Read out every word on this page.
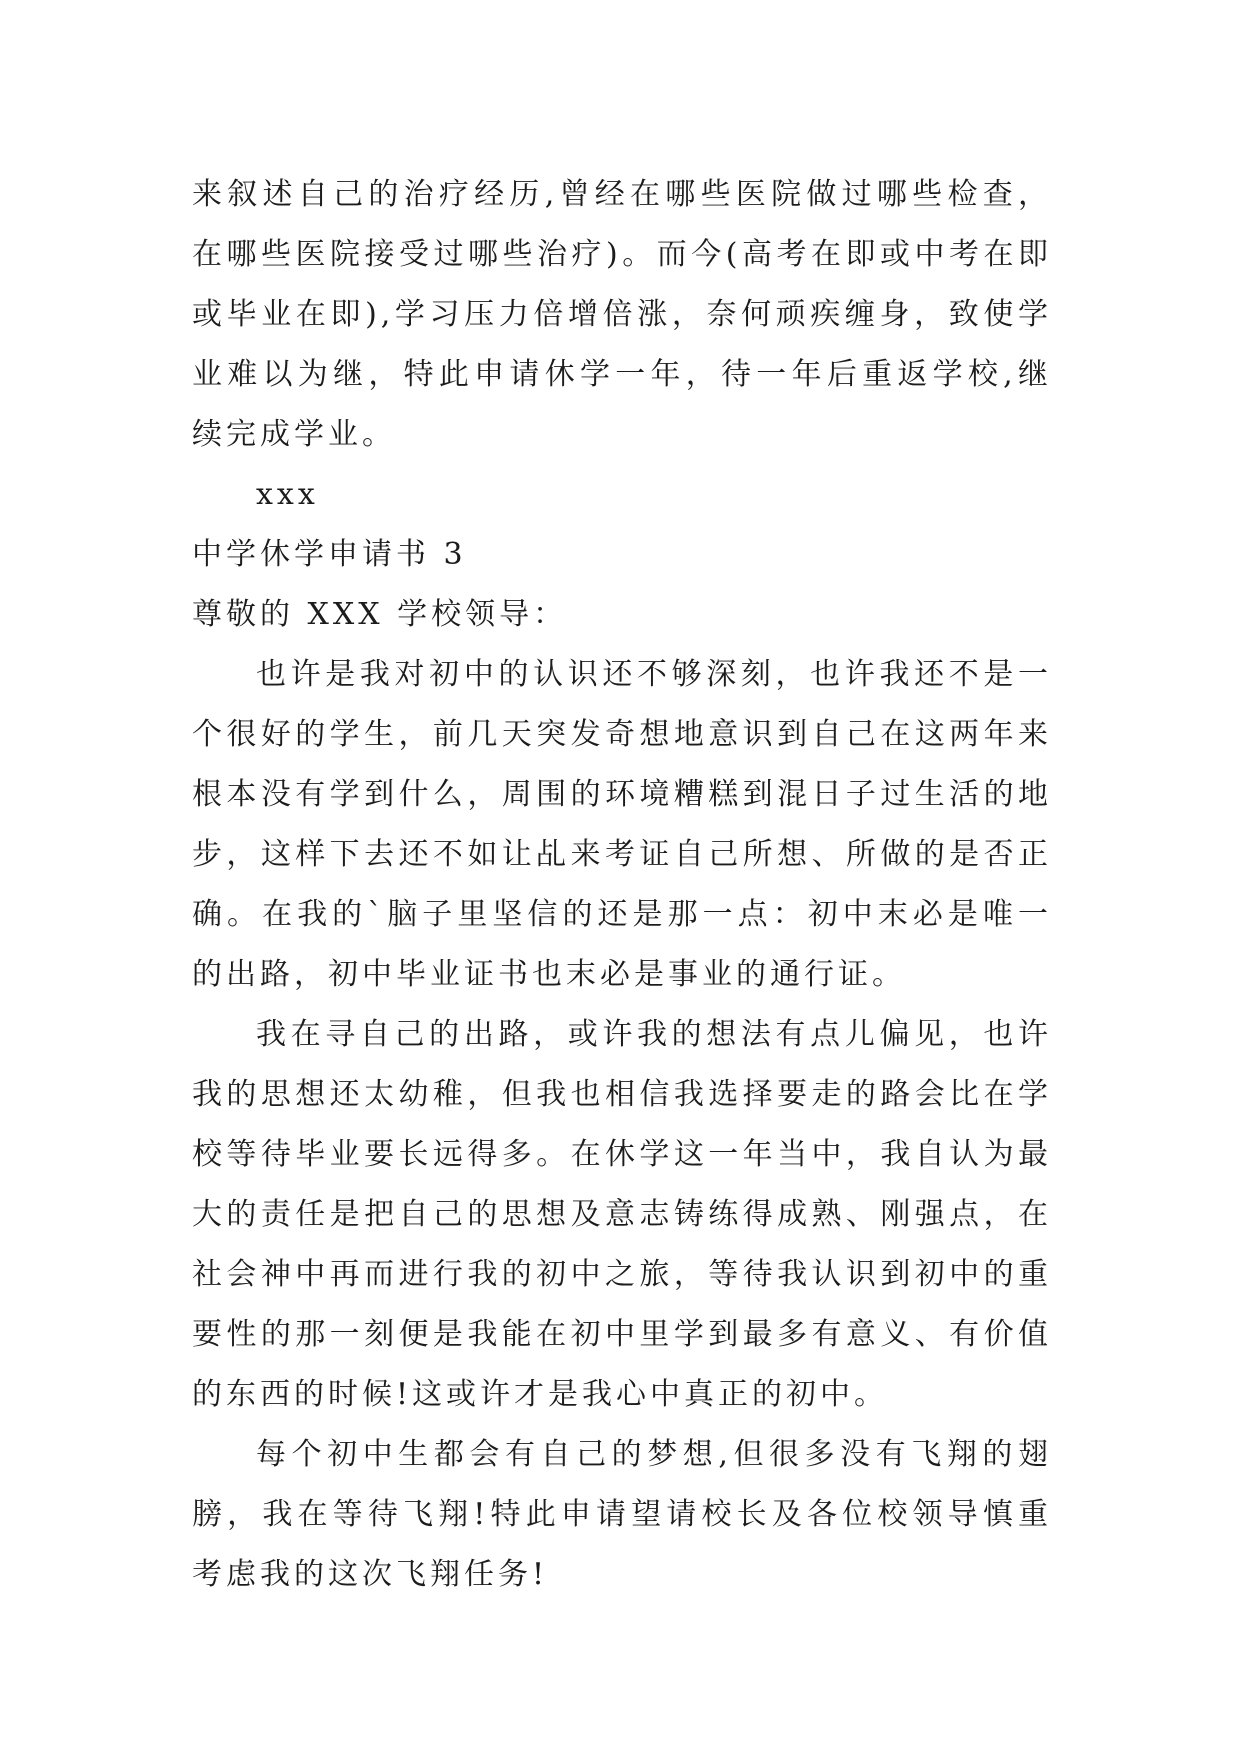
来叙述自己的治疗经历,曾经在哪些医院做过哪些检查，在哪些医院接受过哪些治疗)。而今(高考在即或中考在即或毕业在即),学习压力倍增倍涨，奈何顽疾缠身，致使学业难以为继，特此申请休学一年，待一年后重返学校,继续完成学业。

xxx

中学休学申请书 3

尊敬的 XXX 学校领导：

也许是我对初中的认识还不够深刻，也许我还不是一个很好的学生，前几天突发奇想地意识到自己在这两年来根本没有学到什么，周围的环境糟糕到混日子过生活的地步，这样下去还不如让乩来考证自己所想、所做的是否正确。在我的`脑子里坚信的还是那一点：初中末必是唯一的出路，初中毕业证书也末必是事业的通行证。

我在寻自己的出路，或许我的想法有点儿偏见，也许我的思想还太幼稚，但我也相信我选择要走的路会比在学校等待毕业要长远得多。在休学这一年当中，我自认为最大的责任是把自己的思想及意志铸练得成熟、刚强点，在社会神中再而进行我的初中之旅，等待我认识到初中的重要性的那一刻便是我能在初中里学到最多有意义、有价值的东西的时候!这或许才是我心中真正的初中。

每个初中生都会有自己的梦想,但很多没有飞翔的翅膀，我在等待飞翔!特此申请望请校长及各位校领导慎重考虑我的这次飞翔任务!
